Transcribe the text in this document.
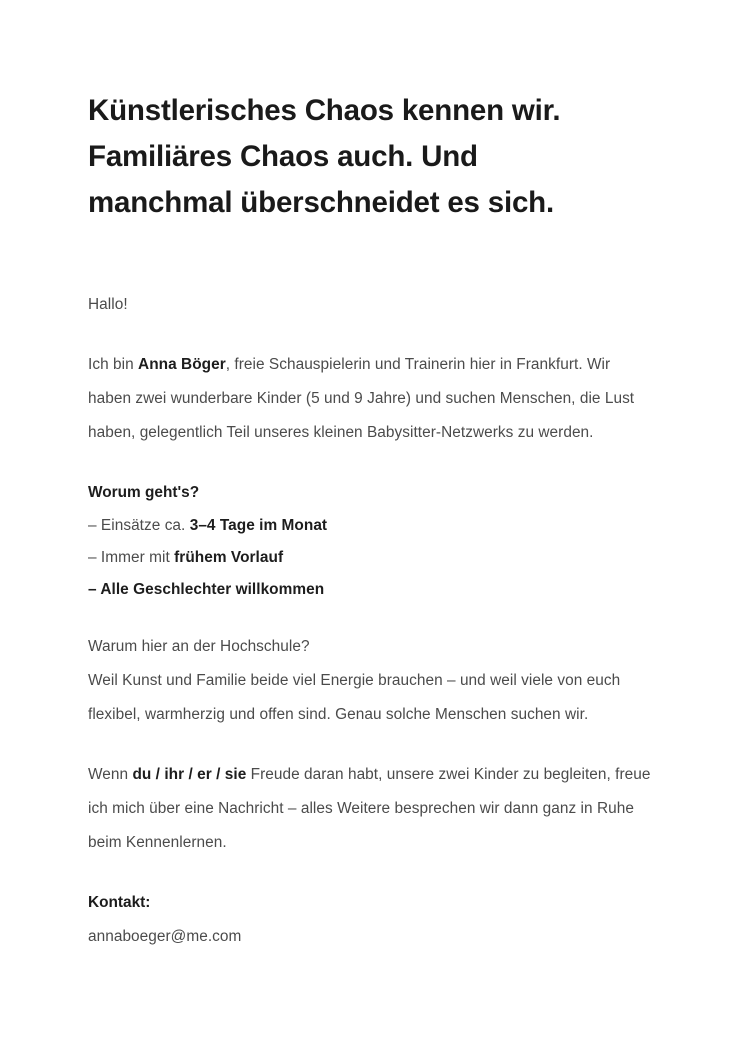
Künstlerisches Chaos kennen wir. Familiäres Chaos auch. Und manchmal überschneidet es sich.

Hallo!

Ich bin Anna Böger, freie Schauspielerin und Trainerin hier in Frankfurt. Wir haben zwei wunderbare Kinder (5 und 9 Jahre) und suchen Menschen, die Lust haben, gelegentlich Teil unseres kleinen Babysitter-Netzwerks zu werden.

Worum geht's?
– Einsätze ca. 3–4 Tage im Monat
– Immer mit frühem Vorlauf
– Alle Geschlechter willkommen

Warum hier an der Hochschule?
Weil Kunst und Familie beide viel Energie brauchen – und weil viele von euch flexibel, warmherzig und offen sind. Genau solche Menschen suchen wir.

Wenn du / ihr / er / sie Freude daran habt, unsere zwei Kinder zu begleiten, freue ich mich über eine Nachricht – alles Weitere besprechen wir dann ganz in Ruhe beim Kennenlernen.

Kontakt:
annaboeger@me.com
